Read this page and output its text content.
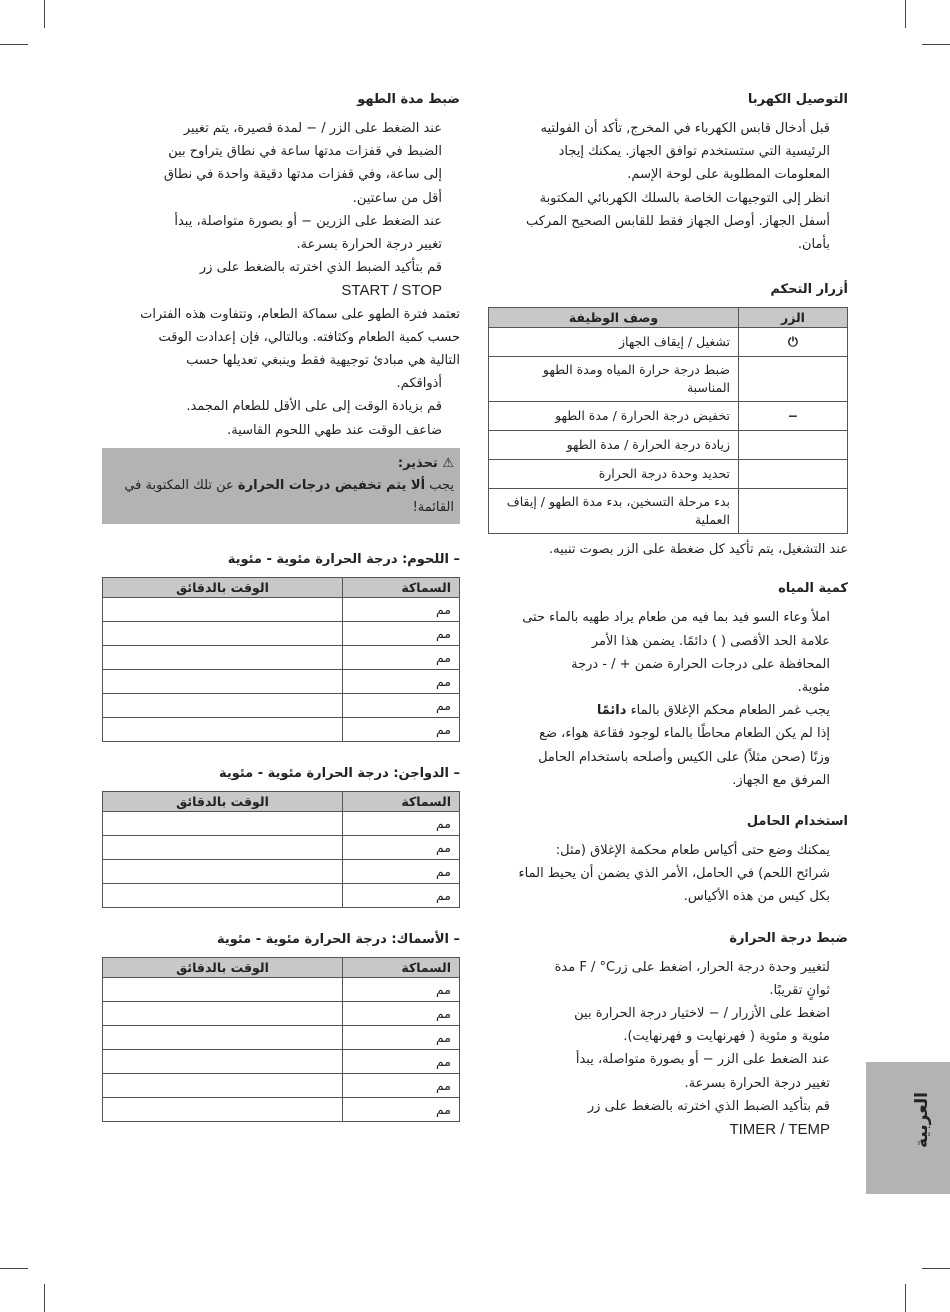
التوصيل الكهربا
قبل أدخال قابس الكهرباء في المخرج, تأكد أن الفولتيه
الرئيسية التي ستستخدم توافق الجهاز. يمكنك إيجاد
المعلومات المطلوبة على لوحة الإسم.
انظر إلى التوجيهات الخاصة بالسلك الكهربائي المكتوبة
أسفل الجهاز. أوصل الجهاز فقط للقابس الصحيح المركب
بأمان.
أزرار التحكم
الزر	وصف الوظيفة
⏻	تشغيل / إيقاف الجهاز
	ضبط درجة حرارة المياه ومدة الطهو المناسبة
−	تخفيض درجة الحرارة / مدة الطهو
	زيادة درجة الحرارة / مدة الطهو
	تحديد وحدة درجة الحرارة
	بدء مرحلة التسخين، بدء مدة الطهو / إيقاف العملية
عند التشغيل، يتم تأكيد كل ضغطة على الزر بصوت تنبيه.
كمية المياه
املأ وعاء السو فيد بما فيه من طعام يراد طهيه بالماء حتى
علامة الحد الأقصى ( ) دائمًا. يضمن هذا الأمر
المحافظة على درجات الحرارة ضمن + / - درجة
مئوية.
يجب غمر الطعام محكم الإغلاق بالماء دائمًا
إذا لم يكن الطعام محاطًا بالماء لوجود فقاعة هواء، ضع
وزنًا (صحن مثلاً) على الكيس وأصلحه باستخدام الحامل
المرفق مع الجهاز.
استخدام الحامل
يمكنك وضع حتى أكياس طعام محكمة الإغلاق (مثل:
شرائح اللحم) في الحامل، الأمر الذي يضمن أن يحيط الماء
بكل كيس من هذه الأكياس.
ضبط درجة الحرارة
لتغيير وحدة درجة الحرار، اضغط على زرF / °C مدة
ثوانٍ تقريبًا.
اضغط على الأزرار / − لاختيار درجة الحرارة بين
مئوية و مئوية ( فهرنهايت و فهرنهايت).
عند الضغط على الزر − أو بصورة متواصلة، يبدأ
تغيير درجة الحرارة بسرعة.
قم بتأكيد الضبط الذي اخترته بالضغط على زر
TIMER / TEMP
ضبط مدة الطهو
عند الضغط على الزر / − لمدة قصيرة، يتم تغيير
الضبط في قفزات مدتها ساعة في نطاق يتراوح بين
إلى ساعة، وفي قفزات مدتها دقيقة واحدة في نطاق
أقل من ساعتين.
عند الضغط على الزرين − أو بصورة متواصلة، يبدأ
تغيير درجة الحرارة بسرعة.
قم بتأكيد الضبط الذي اخترته بالضغط على زر
START / STOP
تعتمد فترة الطهو على سماكة الطعام، وتتفاوت هذه الفترات
حسب كمية الطعام وكثافته. وبالتالي، فإن إعدادت الوقت
التالية هي مبادئ توجيهية فقط وينبغي تعديلها حسب
أذواقكم.
قم بزيادة الوقت إلى على الأقل للطعام المجمد.
ضاعف الوقت عند طهي اللحوم القاسية.
⚠ تحذير:
يجب ألا يتم تخفيض درجات الحرارة عن تلك المكتوبة في القائمة!
– اللحوم: درجة الحرارة مئوية - مئوية
السماكة	الوقت بالدقائق
مم	
مم	
مم	
مم	
مم	
مم	
– الدواجن: درجة الحرارة مئوية - مئوية
السماكة	الوقت بالدقائق
مم	
مم	
مم	
مم	
– الأسماك: درجة الحرارة مئوية - مئوية
السماكة	الوقت بالدقائق
مم	
مم	
مم	
مم	
مم	
مم		العربية
